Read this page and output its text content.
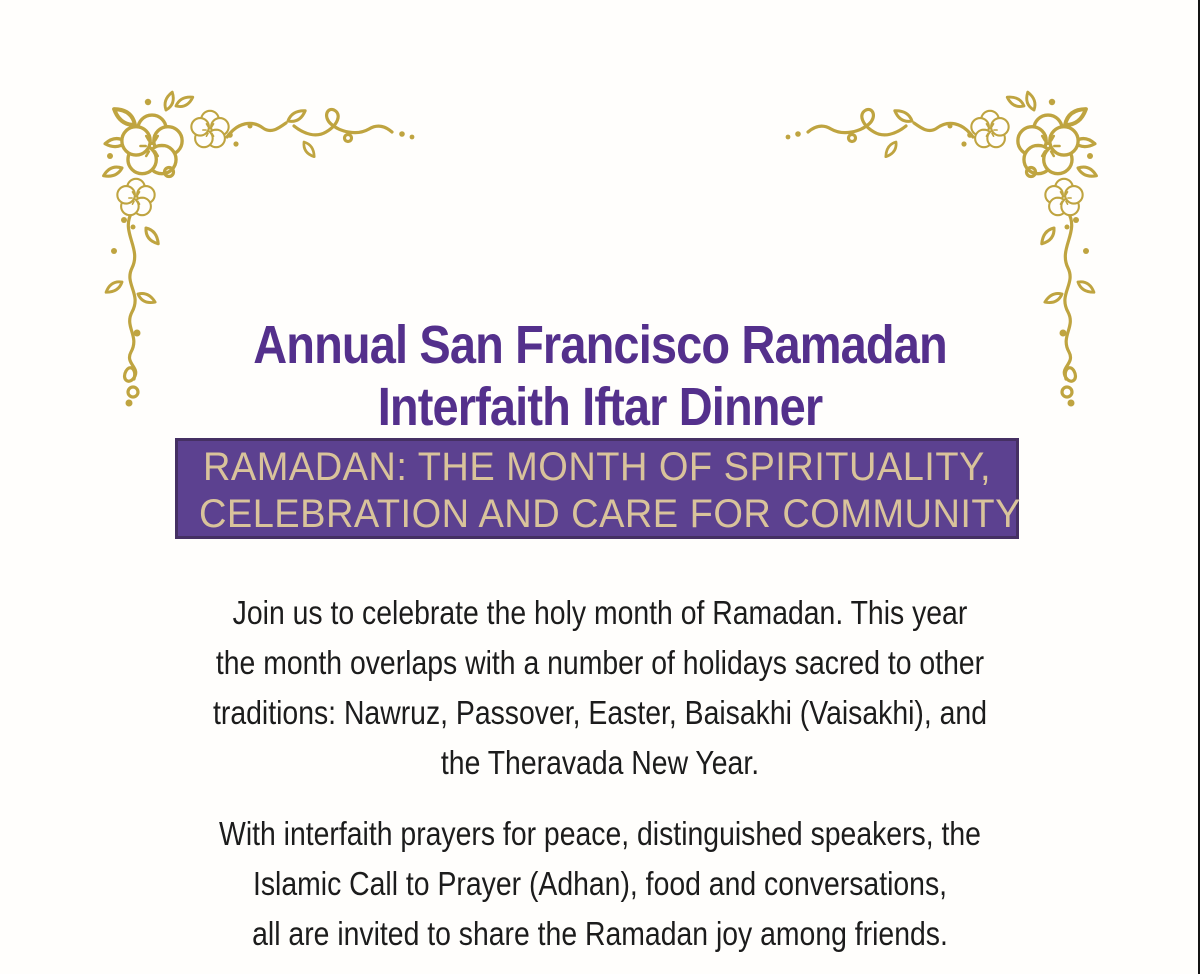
Annual San Francisco Ramadan
Interfaith Iftar Dinner
RAMADAN: THE MONTH OF SPIRITUALITY,
CELEBRATION AND CARE FOR COMMUNITY

Join us to celebrate the holy month of Ramadan. This year
the month overlaps with a number of holidays sacred to other
traditions: Nawruz, Passover, Easter, Baisakhi (Vaisakhi), and
the Theravada New Year.

With interfaith prayers for peace, distinguished speakers, the
Islamic Call to Prayer (Adhan), food and conversations,
all are invited to share the Ramadan joy among friends.
